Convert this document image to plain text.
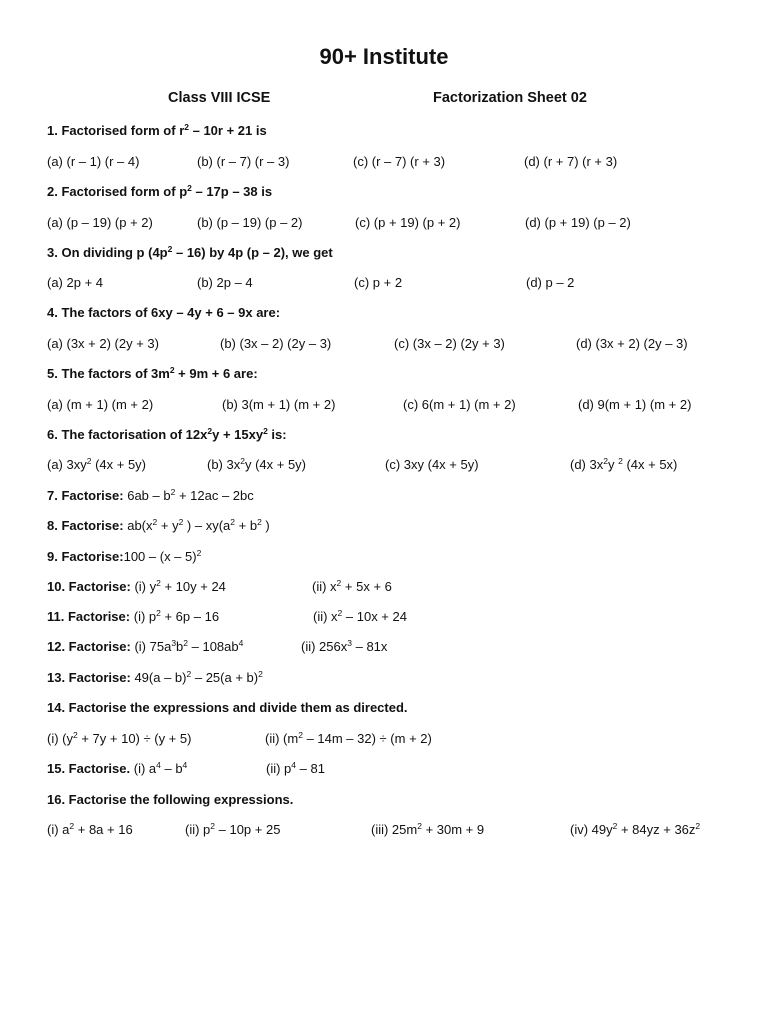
90+ Institute
Class VIII ICSE	Factorization Sheet 02
1. Factorised form of $r^2 - 10r + 21$ is
(a) (r – 1) (r – 4)	(b) (r – 7) (r – 3)	(c) (r – 7) (r + 3)	(d) (r + 7) (r + 3)
2. Factorised form of $p^2 - 17p - 38$ is
(a) (p – 19) (p + 2)	(b) (p – 19) (p – 2)	(c) (p + 19) (p + 2)	(d) (p + 19) (p – 2)
3. On dividing p $(4p^2 - 16)$ by 4p (p – 2), we get
(a) 2p + 4	(b) 2p – 4	(c) p + 2	(d) p – 2
4. The factors of 6xy – 4y + 6 – 9x are:
(a) (3x + 2) (2y + 3)	(b) (3x – 2) (2y – 3)	(c) (3x – 2) (2y + 3)	(d) (3x + 2) (2y – 3)
5. The factors of $3m^2 + 9m + 6$ are:
(a) (m + 1) (m + 2)	(b) 3(m + 1) (m + 2)	(c) 6(m + 1) (m + 2)	(d) 9(m + 1) (m + 2)
6. The factorisation of $12x^2y + 15xy^2$ is:
(a) $3xy^2$ (4x + 5y)	(b) $3x^2y$ (4x + 5y)	(c) 3xy (4x + 5y)	(d) $3x^2y$ $^2$ (4x + 5x)
7. Factorise: $6ab - b^2 + 12ac - 2bc$
8. Factorise: $ab(x^2 + y^2$ ) – $xy(a^2 + b^2$ )
9. Factorise:100 – (x – 5)$^2$
10. Factorise: (i) $y^2 + 10y + 24$	(ii) $x^2 + 5x + 6$
11. Factorise: (i) $p^2 + 6p - 16$	(ii) $x^2 - 10x + 24$
12. Factorise: (i) $75a^3b^2 - 108ab^4$	(ii) $256x^3 - 81x$
13. Factorise: $49(a - b)^2 - 25(a + b)^2$
14. Factorise the expressions and divide them as directed.
(i) $(y^2 + 7y + 10) \div (y + 5)$	(ii) $(m^2 - 14m - 32) \div (m + 2)$
15. Factorise. (i) $a^4 - b^4$	(ii) $p^4 - 81$
16. Factorise the following expressions.
(i) $a^2 + 8a + 16$	(ii) $p^2 - 10p + 25$	(iii) $25m^2 + 30m + 9$	(iv) $49y^2 + 84yz + 36z^2$
